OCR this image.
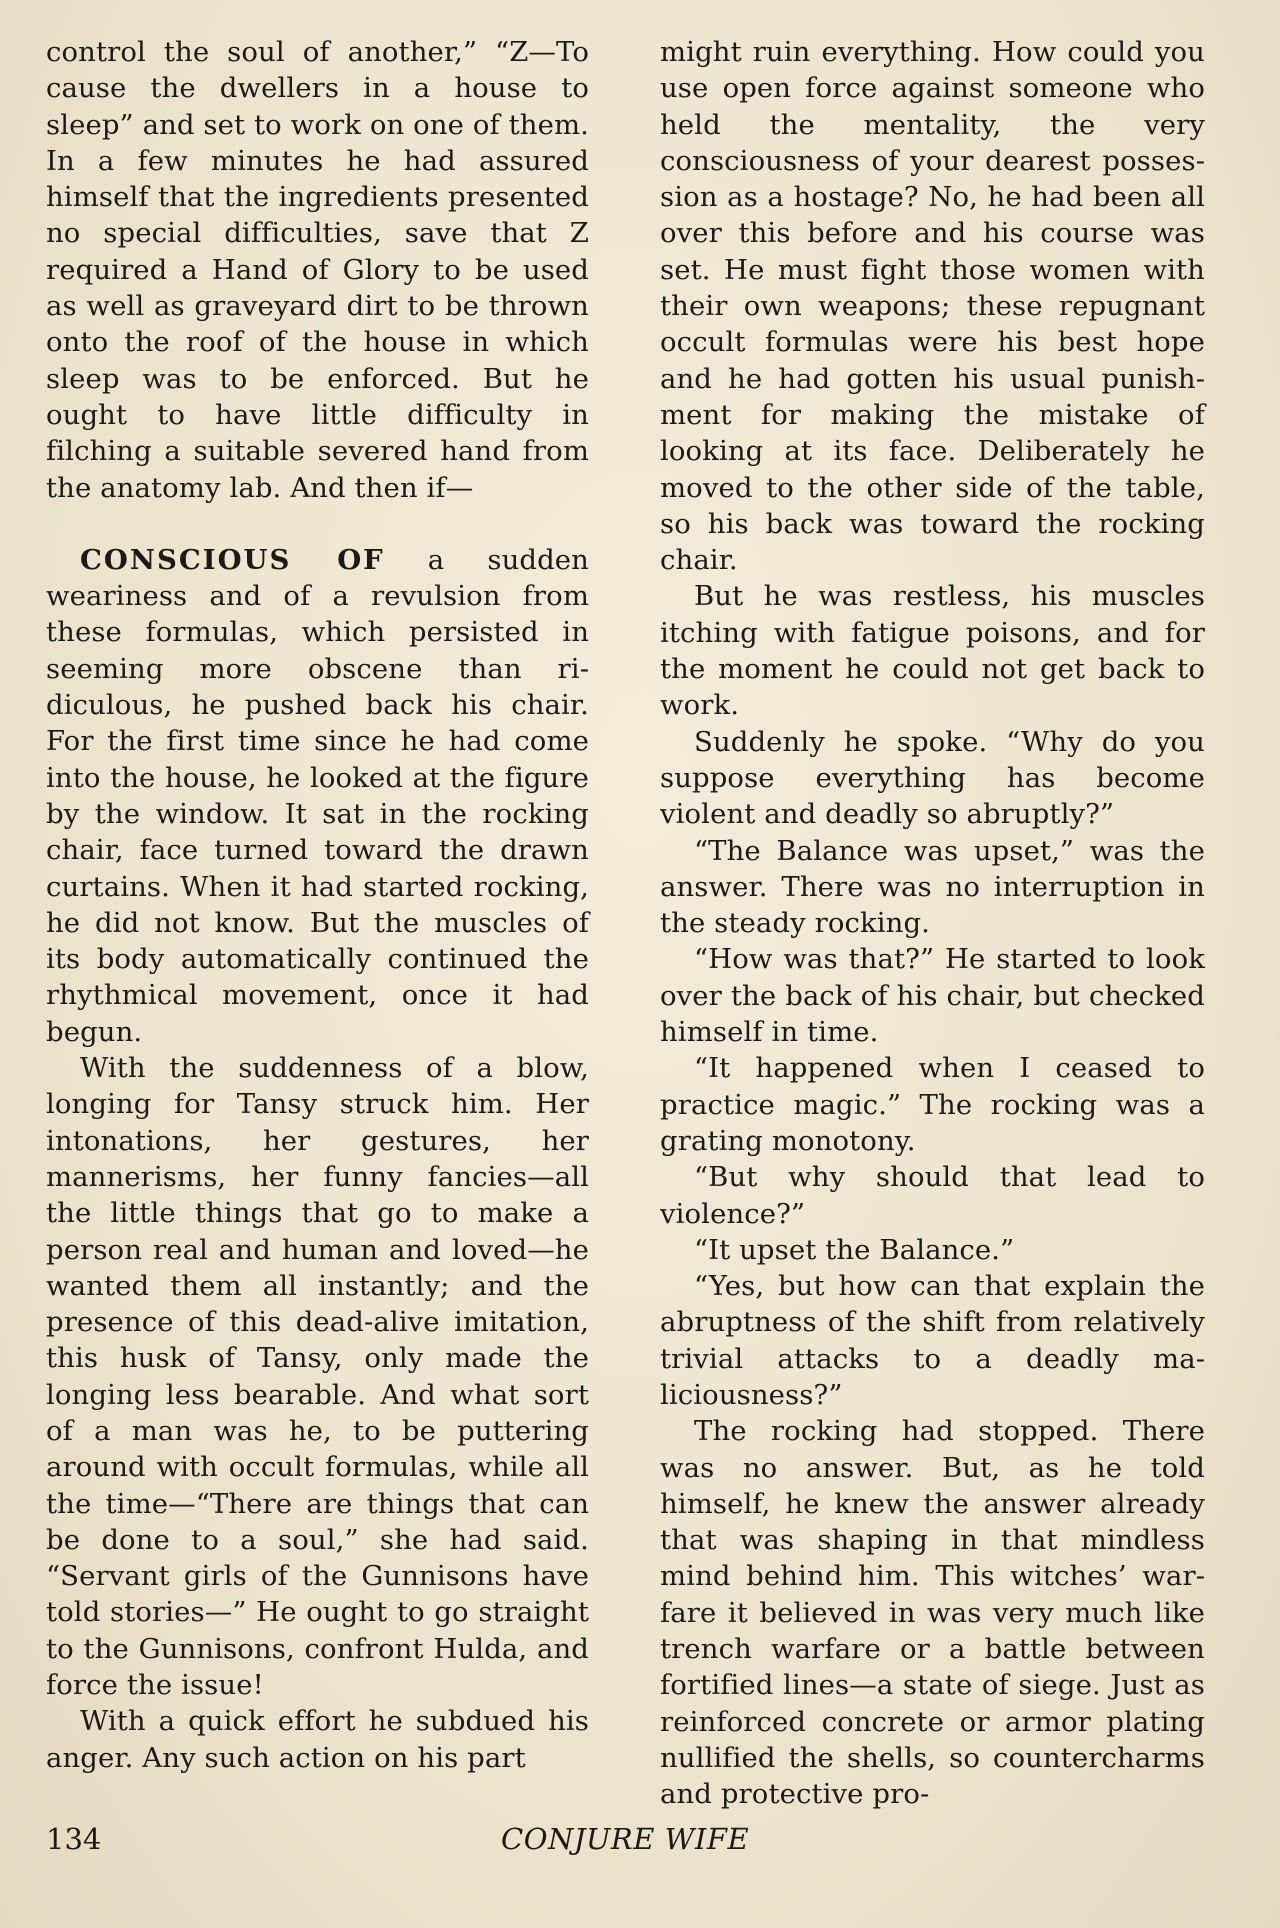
control the soul of another,” “Z—To cause the dwellers in a house to sleep” and set to work on one of them. In a few minutes he had assured himself that the ingredients presented no special difficulties, save that Z required a Hand of Glory to be used as well as graveyard dirt to be thrown onto the roof of the house in which sleep was to be enforced. But he ought to have little difficulty in filching a suitable severed hand from the anatomy lab. And then if—

CONSCIOUS OF a sudden weariness and of a revulsion from these formulas, which persisted in seeming more obscene than ridiculous, he pushed back his chair. For the first time since he had come into the house, he looked at the figure by the window. It sat in the rocking chair, face turned toward the drawn curtains. When it had started rocking, he did not know. But the muscles of its body automatically continued the rhythmical movement, once it had begun.

With the suddenness of a blow, longing for Tansy struck him. Her intonations, her gestures, her mannerisms, her funny fancies—all the little things that go to make a person real and human and loved—he wanted them all instantly; and the presence of this dead-alive imitation, this husk of Tansy, only made the longing less bearable. And what sort of a man was he, to be puttering around with occult formulas, while all the time—“There are things that can be done to a soul,” she had said. “Servant girls of the Gunnisons have told stories—” He ought to go straight to the Gunnisons, confront Hulda, and force the issue!

With a quick effort he subdued his anger. Any such action on his part

might ruin everything. How could you use open force against someone who held the mentality, the very consciousness of your dearest possession as a hostage? No, he had been all over this before and his course was set. He must fight those women with their own weapons; these repugnant occult formulas were his best hope and he had gotten his usual punishment for making the mistake of looking at its face. Deliberately he moved to the other side of the table, so his back was toward the rocking chair.

But he was restless, his muscles itching with fatigue poisons, and for the moment he could not get back to work.

Suddenly he spoke. “Why do you suppose everything has become violent and deadly so abruptly?”

“The Balance was upset,” was the answer. There was no interruption in the steady rocking.

“How was that?” He started to look over the back of his chair, but checked himself in time.

“It happened when I ceased to practice magic.” The rocking was a grating monotony.

“But why should that lead to violence?”

“It upset the Balance.”

“Yes, but how can that explain the abruptness of the shift from relatively trivial attacks to a deadly maliciousness?”

The rocking had stopped. There was no answer. But, as he told himself, he knew the answer already that was shaping in that mindless mind behind him. This witches’ warfare it believed in was very much like trench warfare or a battle between fortified lines—a state of siege. Just as reinforced concrete or armor plating nullified the shells, so countercharms and protective pro-

134	CONJURE WIFE
